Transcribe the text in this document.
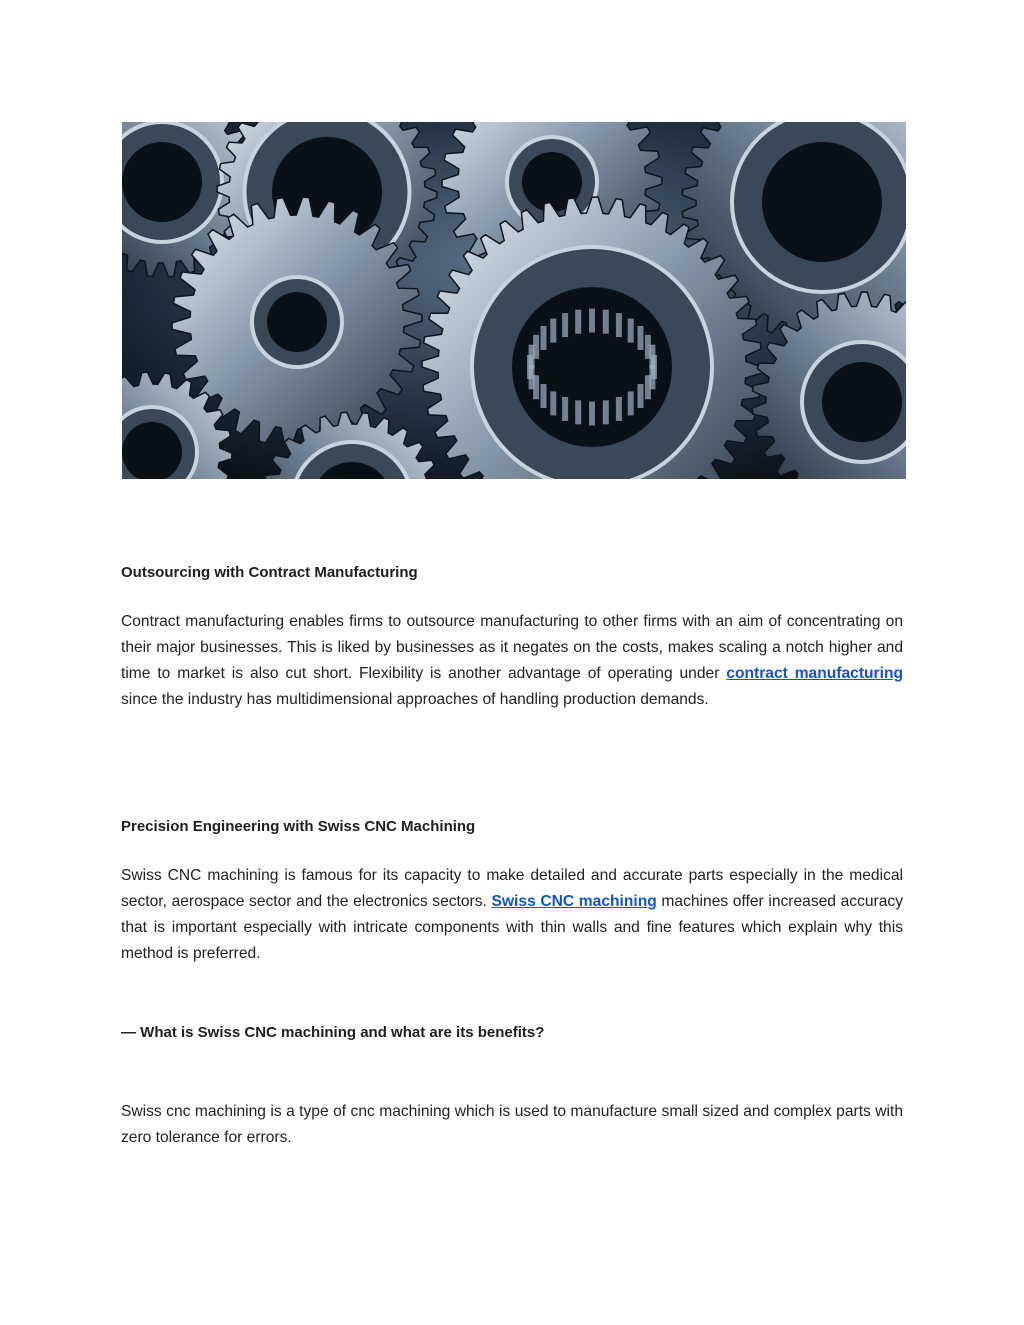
Outsourcing with Contract Manufacturing
Contract manufacturing enables firms to outsource manufacturing to other firms with an aim of concentrating on their major businesses. This is liked by businesses as it negates on the costs, makes scaling a notch higher and time to market is also cut short. Flexibility is another advantage of operating under contract manufacturing since the industry has multidimensional approaches of handling production demands.
Precision Engineering with Swiss CNC Machining
Swiss CNC machining is famous for its capacity to make detailed and accurate parts especially in the medical sector, aerospace sector and the electronics sectors. Swiss CNC machining machines offer increased accuracy that is important especially with intricate components with thin walls and fine features which explain why this method is preferred.
— What is Swiss CNC machining and what are its benefits?
Swiss cnc machining is a type of cnc machining which is used to manufacture small sized and complex parts with zero tolerance for errors.
